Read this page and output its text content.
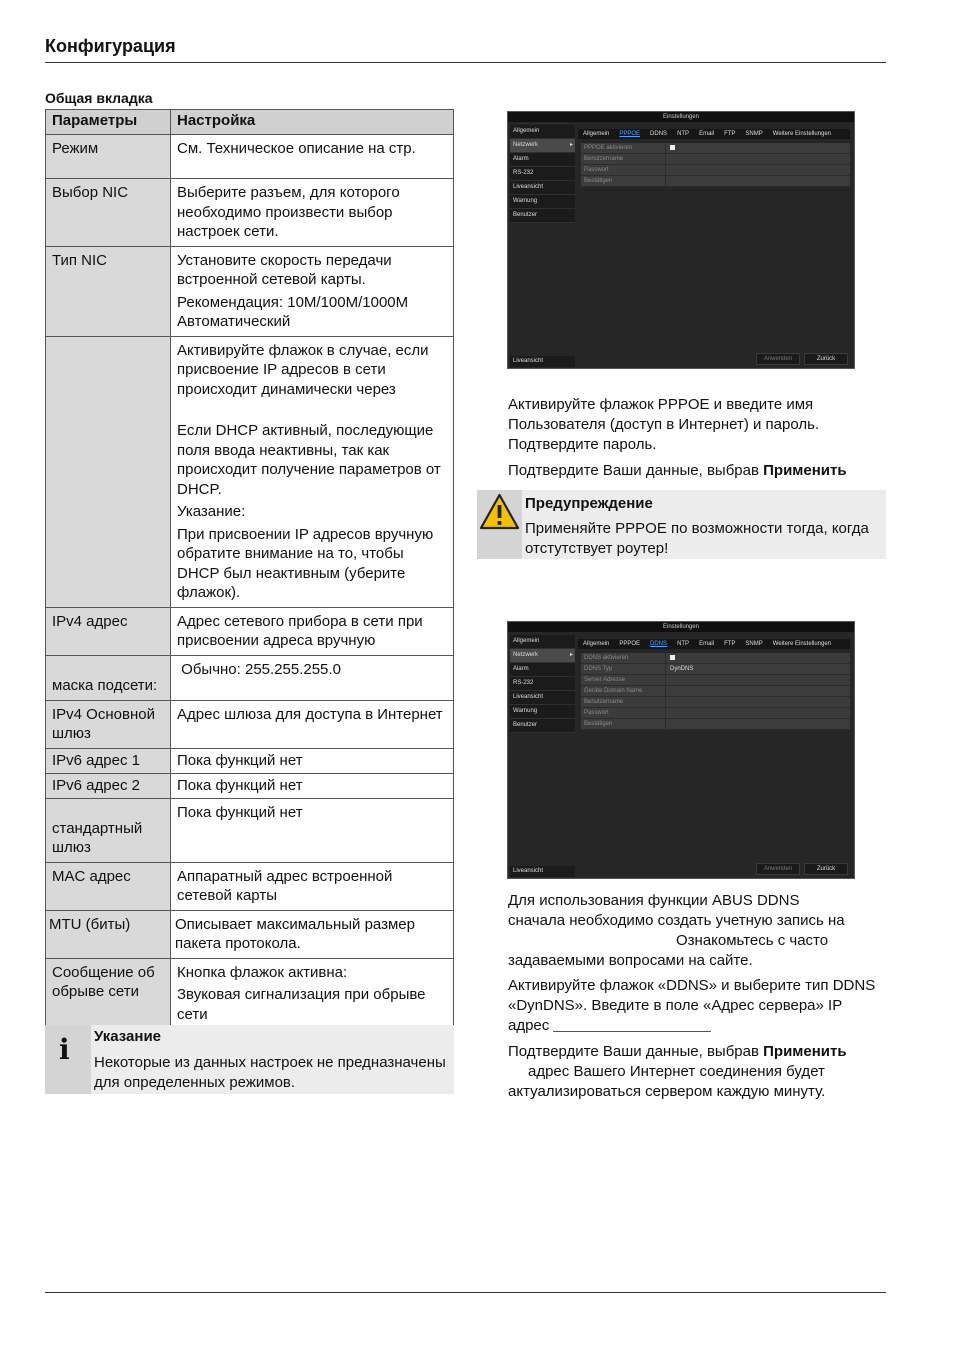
Конфигурация
Общая вкладка
Параметры	Настройка
Режим	См. Техническое описание на стр.

Выбор NIC	Выберите разъем, для которого необходимо произвести выбор настроек сети.

Тип NIC	Установите скорость передачи встроенной сетевой карты.

Рекомендация: 10M/100M/1000M Автоматический

	Активируйте флажок в случае, если присвоение IP адресов в сети происходит динамически через

Если DHCP активный, последующие поля ввода неактивны, так как происходит получение параметров от DHCP.

Указание:

При присвоении IP адресов вручную обратите внимание на то, чтобы DHCP был неактивным (уберите флажок).

IPv4 адрес	Адрес сетевого прибора в сети при присвоении адреса вручную

маска подсети:	Обычно: 255.255.255.0

IPv4 Основной шлюз	Адрес шлюза для доступа в Интернет

IPv6 адрес 1	Пока функций нет

IPv6 адрес 2	Пока функций нет

стандартный шлюз	Пока функций нет

MAC адрес	Аппаратный адрес встроенной сетевой карты

MTU (биты)	Описывает максимальный размер пакета протокола.

Сообщение об обрыве сети	Кнопка флажок активна:

Звуковая сигнализация при обрыве сети

i Указание
Некоторые из данных настроек не предназначены для определенных режимов.
Einstellungen
Allgemein
Netzwerk	▸
Alarm
RS-232
Liveansicht
Warnung
Benutzer
Allgemein	PPPOE	DDNS	NTP	Email	FTP	SNMP	Weitere Einstellungen
PPPOE aktivieren
Benutzername
Passwort
Bestätigen
Liveansicht	Anwenden	Zurück

Активируйте флажок PPPOE и введите имя Пользователя (доступ в Интернет) и пароль. Подтвердите пароль.

Подтвердите Ваши данные, выбрав Применить

Предупреждение
Применяйте PPPOE по возможности тогда, когда отстутствует роутер!
Einstellungen
Allgemein
Netzwerk	▸
Alarm
RS-232
Liveansicht
Warnung
Benutzer
Allgemein	PPPOE	DDNS	NTP	Email	FTP	SNMP	Weitere Einstellungen
DDNS aktivieren
DDNS Typ	DynDNS
Server Adresse
Geräte Domain Name
Benutzername
Passwort
Bestätigen
Liveansicht	Anwenden	Zurück
Для использования функции ABUS DDNS
сначала необходимо создать учетную запись на
Ознакомьтесь с часто
задаваемыми вопросами на сайте.

Активируйте флажок «DDNS» и выберите тип DDNS «DynDNS». Введите в поле «Адрес сервера» IP адрес

Подтвердите Ваши данные, выбрав Применить
адрес Вашего Интернет соединения будет
актуализироваться сервером каждую минуту.
